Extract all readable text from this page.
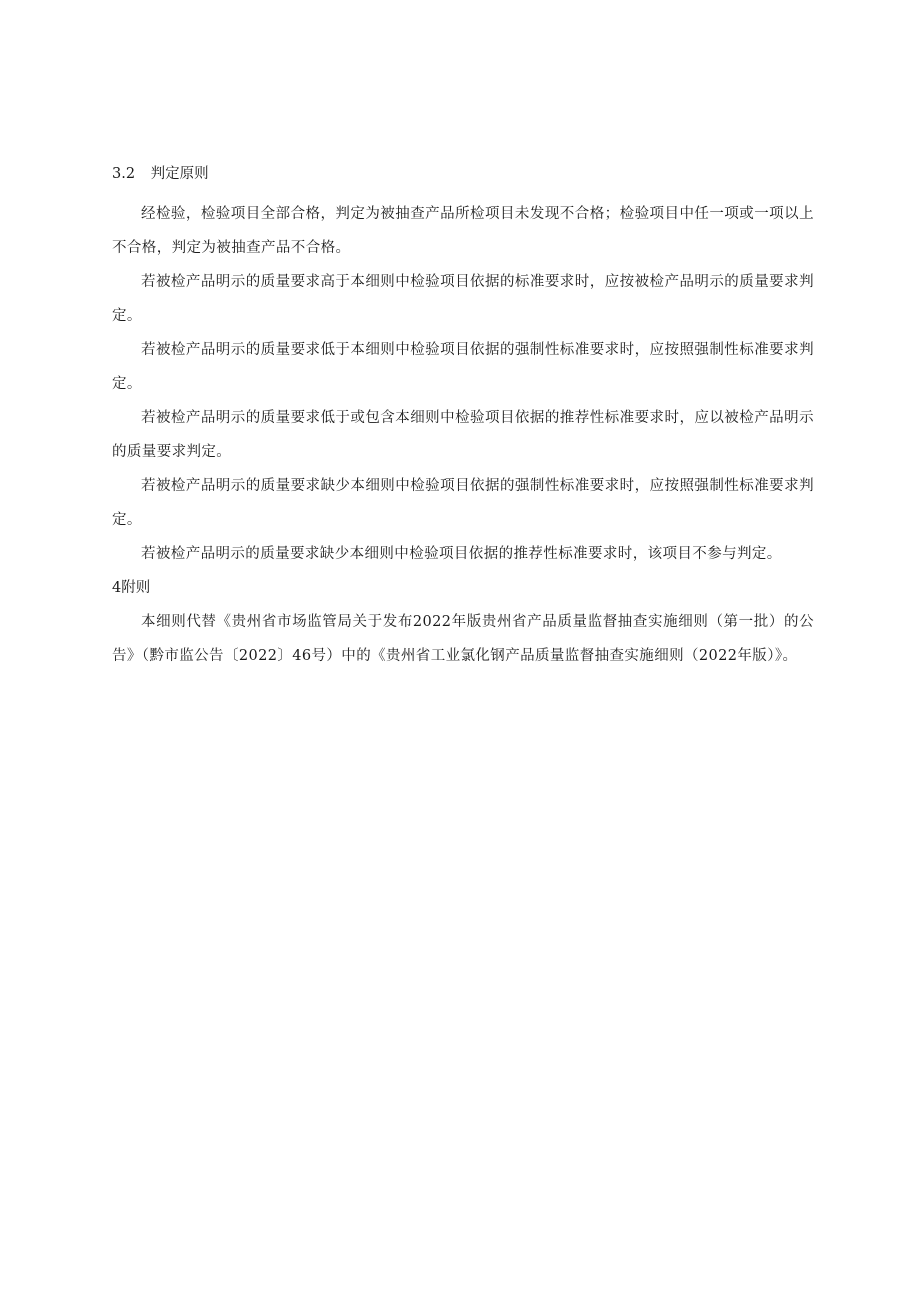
3.2 判定原则

经检验，检验项目全部合格，判定为被抽查产品所检项目未发现不合格；检验项目中任一项或一项以上不合格，判定为被抽查产品不合格。

若被检产品明示的质量要求高于本细则中检验项目依据的标准要求时，应按被检产品明示的质量要求判定。

若被检产品明示的质量要求低于本细则中检验项目依据的强制性标准要求时，应按照强制性标准要求判定。

若被检产品明示的质量要求低于或包含本细则中检验项目依据的推荐性标准要求时，应以被检产品明示的质量要求判定。

若被检产品明示的质量要求缺少本细则中检验项目依据的强制性标准要求时，应按照强制性标准要求判定。

若被检产品明示的质量要求缺少本细则中检验项目依据的推荐性标准要求时，该项目不参与判定。

4附则

本细则代替《贵州省市场监管局关于发布2022年版贵州省产品质量监督抽查实施细则（第一批）的公告》（黔市监公告〔2022〕46号）中的《贵州省工业氯化钢产品质量监督抽查实施细则（2022年版）》。
